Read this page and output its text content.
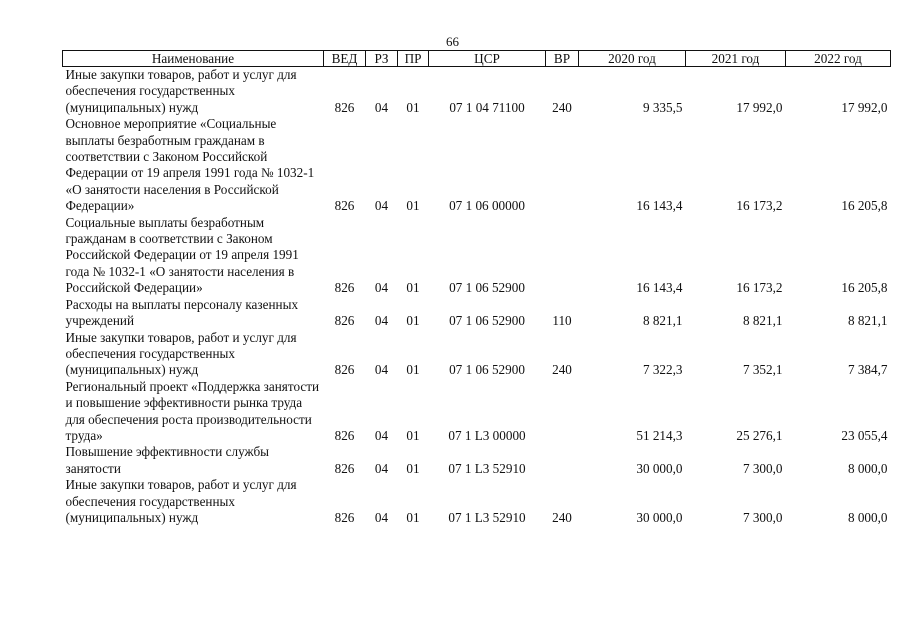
66
Наименование	ВЕД	РЗ	ПР	ЦСР	ВР	2020 год	2021 год	2022 год
Иные закупки товаров, работ и услуг для обеспечения государственных (муниципальных) нужд	826	04	01	07 1 04 71100	240	9 335,5	17 992,0	17 992,0
Основное мероприятие «Социальные выплаты безработным гражданам в соответствии с Законом Российской Федерации от 19 апреля 1991 года № 1032-1 «О занятости населения в Российской Федерации»	826	04	01	07 1 06 00000		16 143,4	16 173,2	16 205,8
Социальные выплаты безработным гражданам в соответствии с Законом Российской Федерации от 19 апреля 1991 года № 1032-1 «О занятости населения в Российской Федерации»	826	04	01	07 1 06 52900		16 143,4	16 173,2	16 205,8
Расходы на выплаты персоналу казенных учреждений	826	04	01	07 1 06 52900	110	8 821,1	8 821,1	8 821,1
Иные закупки товаров, работ и услуг для обеспечения государственных (муниципальных) нужд	826	04	01	07 1 06 52900	240	7 322,3	7 352,1	7 384,7
Региональный проект «Поддержка занятости и повышение эффективности рынка труда для обеспечения роста производительности труда»	826	04	01	07 1 L3 00000		51 214,3	25 276,1	23 055,4
Повышение эффективности службы занятости	826	04	01	07 1 L3 52910		30 000,0	7 300,0	8 000,0
Иные закупки товаров, работ и услуг для обеспечения государственных (муниципальных) нужд	826	04	01	07 1 L3 52910	240	30 000,0	7 300,0	8 000,0
